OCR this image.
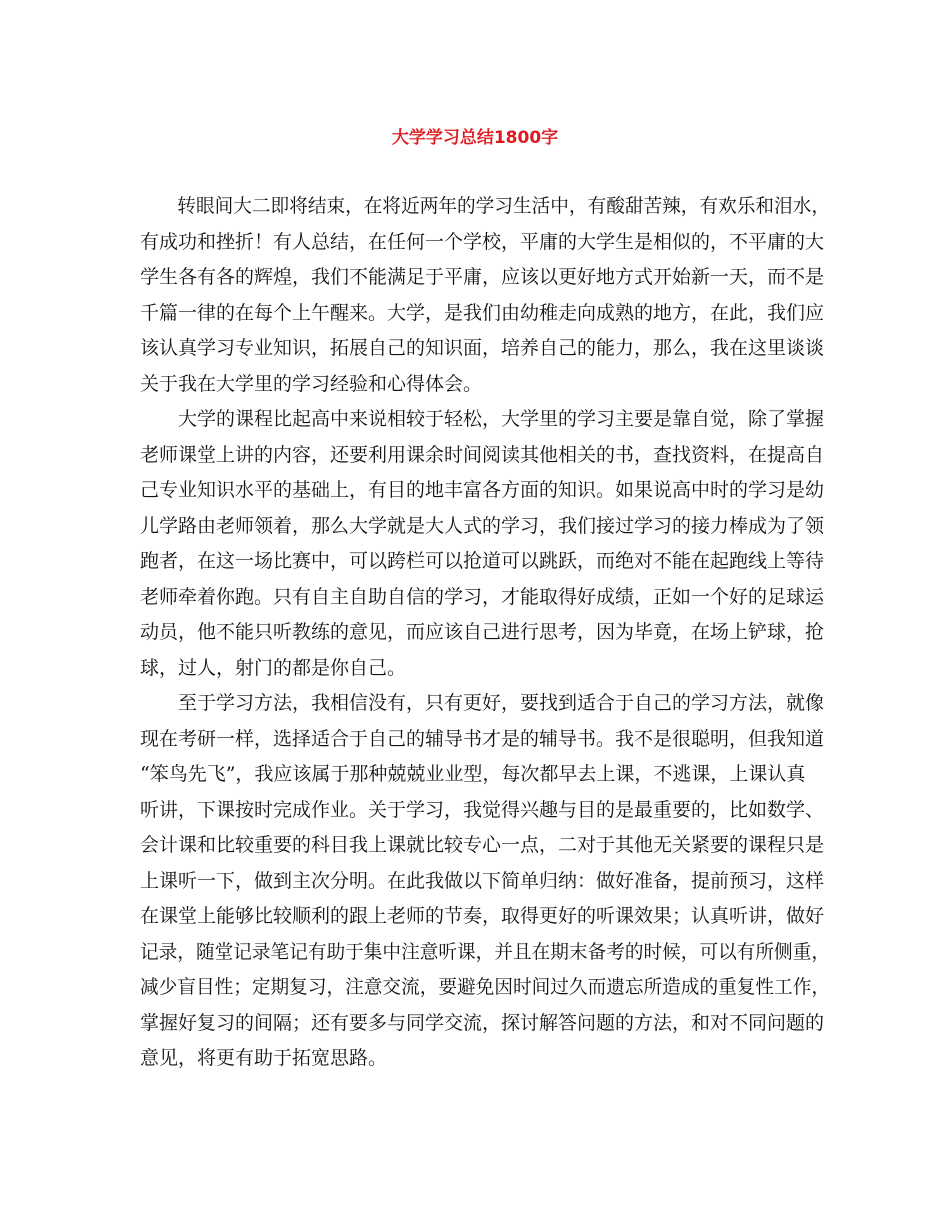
大学学习总结1800字
　　转眼间大二即将结束，在将近两年的学习生活中，有酸甜苦辣，有欢乐和泪水，
有成功和挫折！有人总结，在任何一个学校，平庸的大学生是相似的，不平庸的大
学生各有各的辉煌，我们不能满足于平庸，应该以更好地方式开始新一天，而不是
千篇一律的在每个上午醒来。大学，是我们由幼稚走向成熟的地方，在此，我们应
该认真学习专业知识，拓展自己的知识面，培养自己的能力，那么，我在这里谈谈
关于我在大学里的学习经验和心得体会。
　　大学的课程比起高中来说相较于轻松，大学里的学习主要是靠自觉，除了掌握
老师课堂上讲的内容，还要利用课余时间阅读其他相关的书，查找资料，在提高自
己专业知识水平的基础上，有目的地丰富各方面的知识。如果说高中时的学习是幼
儿学路由老师领着，那么大学就是大人式的学习，我们接过学习的接力棒成为了领
跑者，在这一场比赛中，可以跨栏可以抢道可以跳跃，而绝对不能在起跑线上等待
老师牵着你跑。只有自主自助自信的学习，才能取得好成绩，正如一个好的足球运
动员，他不能只听教练的意见，而应该自己进行思考，因为毕竟，在场上铲球，抢
球，过人，射门的都是你自己。
　　至于学习方法，我相信没有，只有更好，要找到适合于自己的学习方法，就像
现在考研一样，选择适合于自己的辅导书才是的辅导书。我不是很聪明，但我知道
“笨鸟先飞”，我应该属于那种兢兢业业型，每次都早去上课，不逃课，上课认真
听讲，下课按时完成作业。关于学习，我觉得兴趣与目的是最重要的，比如数学、
会计课和比较重要的科目我上课就比较专心一点，二对于其他无关紧要的课程只是
上课听一下，做到主次分明。在此我做以下简单归纳：做好准备，提前预习，这样
在课堂上能够比较顺利的跟上老师的节奏，取得更好的听课效果；认真听讲，做好
记录，随堂记录笔记有助于集中注意听课，并且在期末备考的时候，可以有所侧重，
减少盲目性；定期复习，注意交流，要避免因时间过久而遗忘所造成的重复性工作，
掌握好复习的间隔；还有要多与同学交流，探讨解答问题的方法，和对不同问题的
意见，将更有助于拓宽思路。
